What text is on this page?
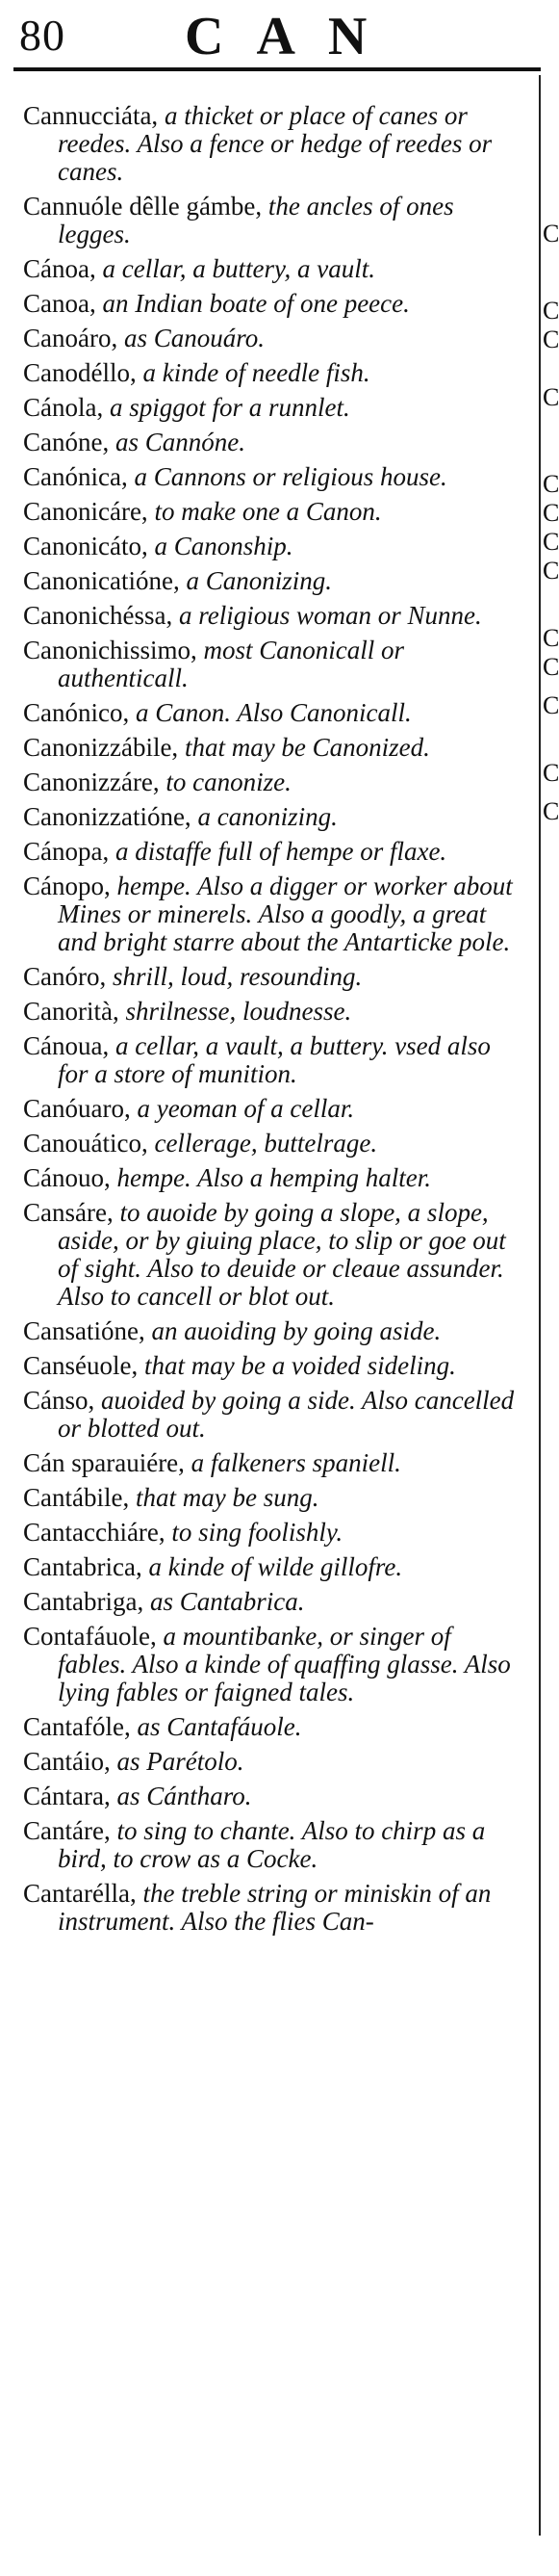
80 CAN
Cannucciáta, a thicket or place of canes or reedes. Also a fence or hedge of reedes or canes.
Cannuóle dêlle gámbe, the ancles of ones legges.
Cánoa, a cellar, a buttery, a vault.
Canoa, an Indian boate of one peece.
Canoáro, as Canouáro.
Canodéllo, a kinde of needle fish.
Cánola, a spiggot for a runnlet.
Canóne, as Cannóne.
Canónica, a Cannons or religious house.
Canonicáre, to make one a Canon.
Canonicáto, a Canonship.
Canonicatióne, a Canonizing.
Canonichéssa, a religious woman or Nunne.
Canonichissimo, most Canonicall or authenticall.
Canónico, a Canon. Also Canonicall.
Canonizzábile, that may be Canonized.
Canonizzáre, to canonize.
Canonizzatióne, a canonizing.
Cánopa, a distaffe full of hempe or flaxe.
Cánopo, hempe. Also a digger or worker about Mines or minerels. Also a goodly, a great and bright starre about the Antarticke pole.
Canóro, shrill, loud, resounding.
Canorità, shrilnesse, loudnesse.
Cánoua, a cellar, a vault, a buttery. vsed also for a store of munition.
Canóuaro, a yeoman of a cellar.
Canouático, cellerage, buttelrage.
Cánouo, hempe. Also a hemping halter.
Cansáre, to auoide by going a slope, a slope, aside, or by giuing place, to slip or goe out of sight. Also to deuide or cleaue assunder. Also to cancell or blot out.
Cansatióne, an auoiding by going aside.
Canséuole, that may be a voided sideling.
Cánso, auoided by going a side. Also cancelled or blotted out.
Cán sparauiére, a falkeners spaniell.
Cantábile, that may be sung.
Cantacchiáre, to sing foolishly.
Cantabrica, a kinde of wilde gillofre.
Cantabriga, as Cantabrica.
Contafáuole, a mountibanke, or singer of fables. Also a kinde of quaffing glasse. Also lying fables or faigned tales.
Cantafóle, as Cantafáuole.
Cantáio, as Parétolo.
Cántara, as Cántharo.
Cantáre, to sing to chante. Also to chirp as a bird, to crow as a Cocke.
Cantarélla, the treble string or miniskin of an instrument. Also the flies Can-
C
C
C
C
C
C
C
C
C
C
C
C
C
